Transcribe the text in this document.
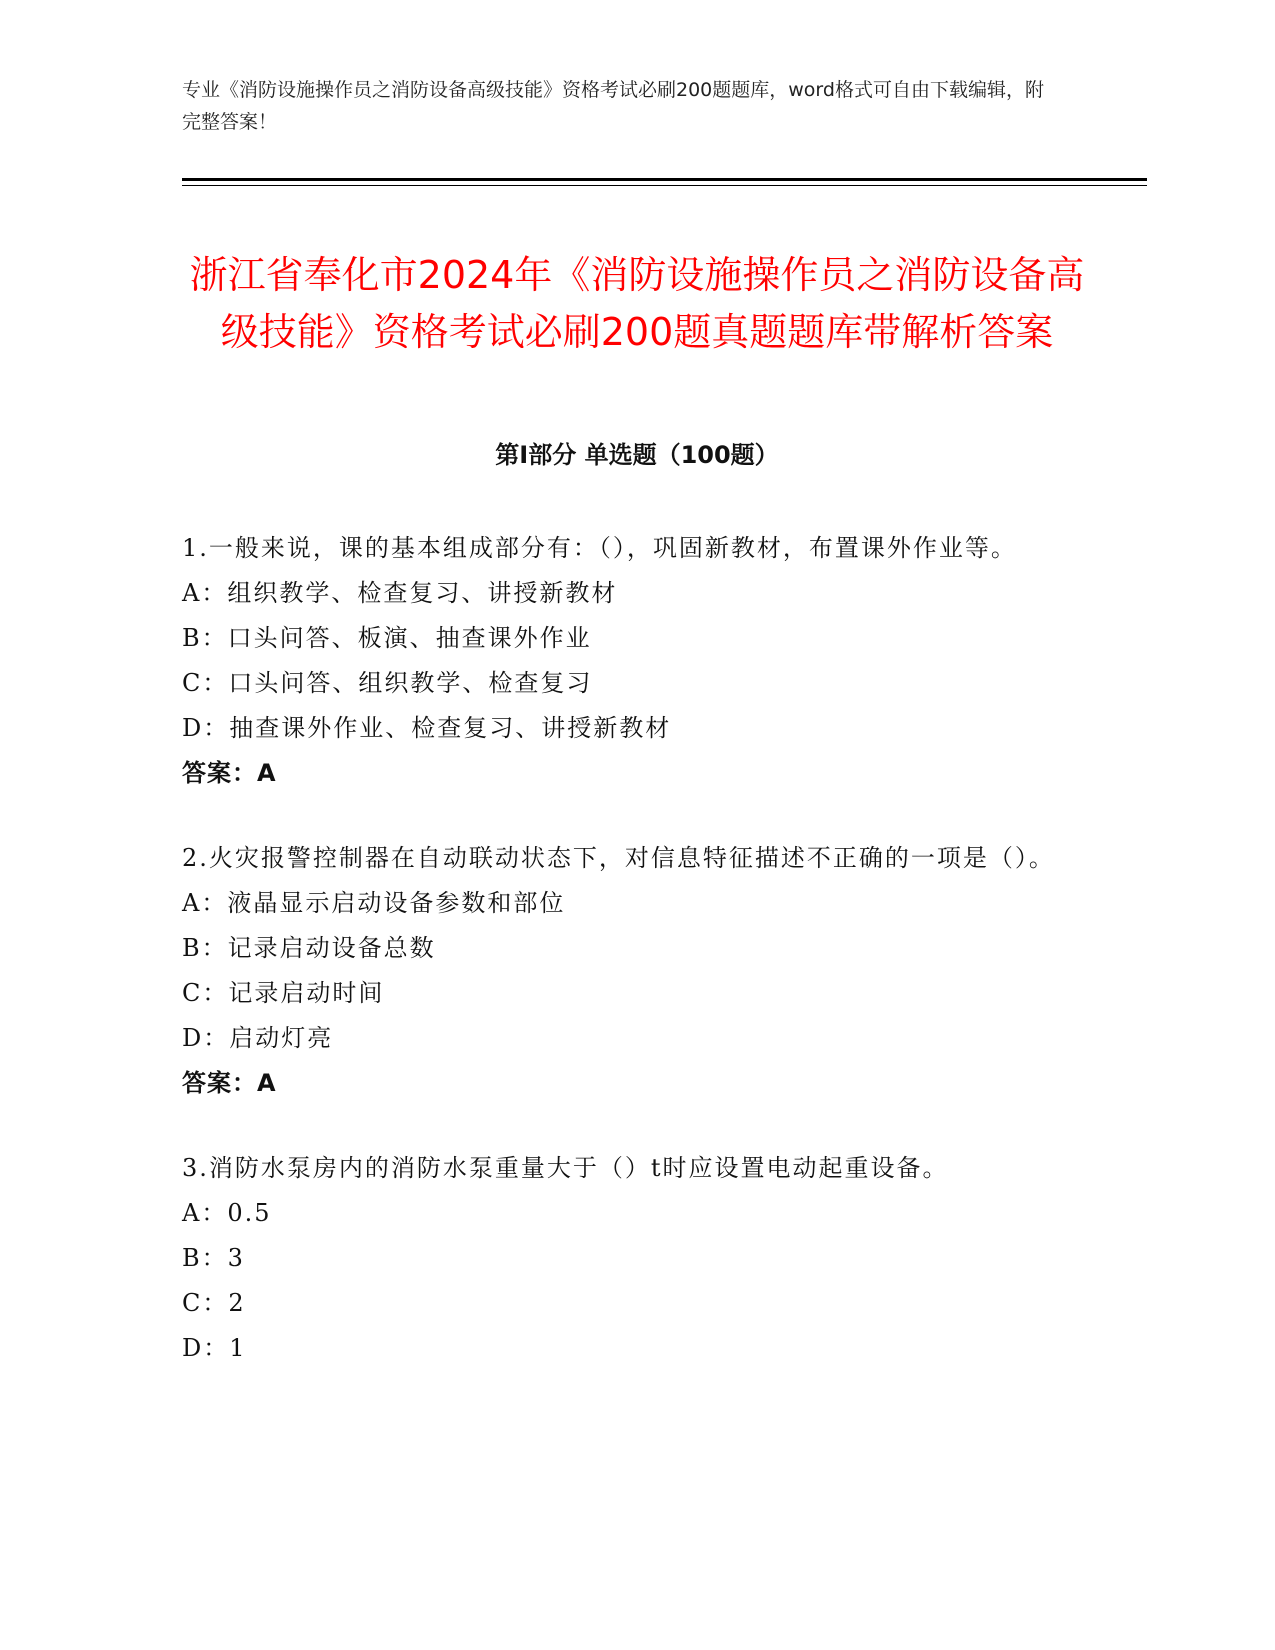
专业《消防设施操作员之消防设备高级技能》资格考试必刷200题题库，word格式可自由下载编辑，附完整答案！
浙江省奉化市2024年《消防设施操作员之消防设备高级技能》资格考试必刷200题真题题库带解析答案
第I部分 单选题（100题）
1.一般来说，课的基本组成部分有：（），巩固新教材，布置课外作业等。
A：组织教学、检查复习、讲授新教材
B：口头问答、板演、抽查课外作业
C：口头问答、组织教学、检查复习
D：抽查课外作业、检查复习、讲授新教材
答案：A
2.火灾报警控制器在自动联动状态下，对信息特征描述不正确的一项是（）。
A：液晶显示启动设备参数和部位
B：记录启动设备总数
C：记录启动时间
D：启动灯亮
答案：A
3.消防水泵房内的消防水泵重量大于（）t时应设置电动起重设备。
A：0.5
B：3
C：2
D：1
